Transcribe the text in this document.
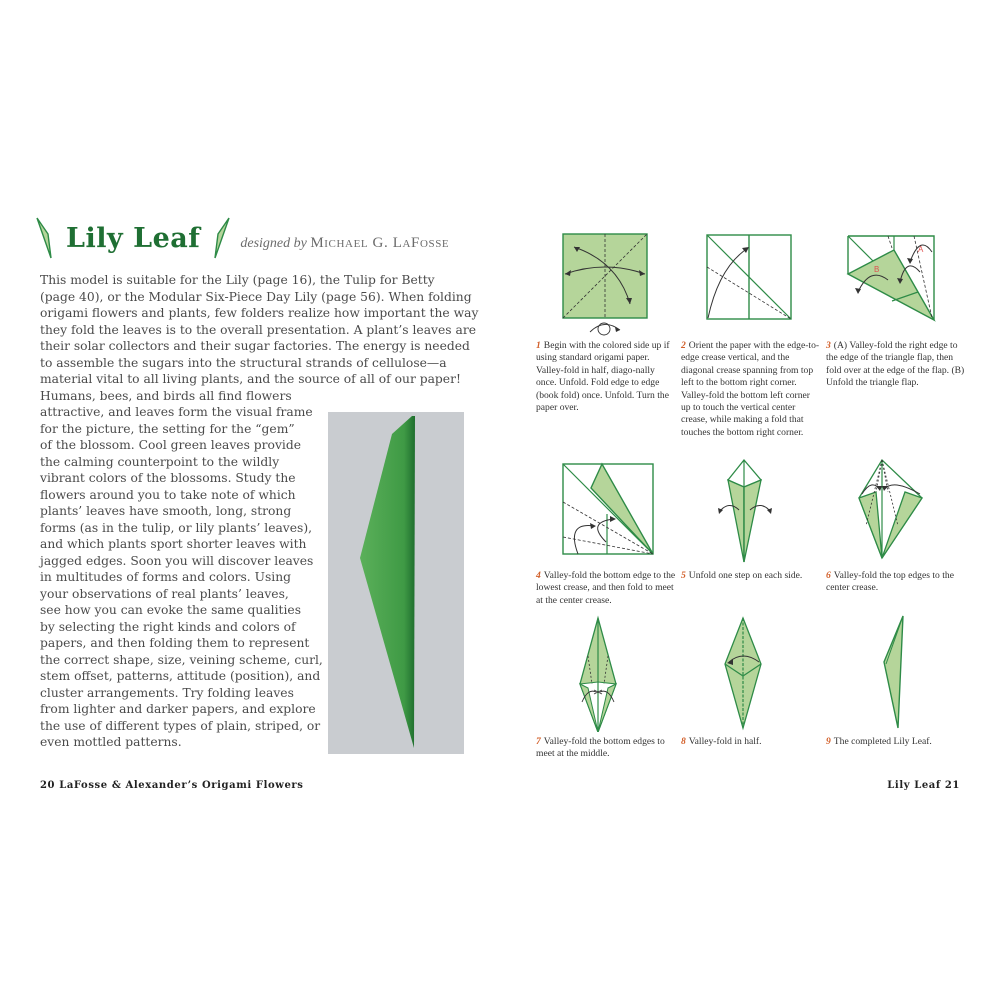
Lily Leaf	designed by Michael G. LaFosse
This model is suitable for the Lily (page 16), the Tulip for Betty
(page 40), or the Modular Six-Piece Day Lily (page 56). When folding
origami flowers and plants, few folders realize how important the way
they fold the leaves is to the overall presentation. A plant’s leaves are
their solar collectors and their sugar factories. The energy is needed
to assemble the sugars into the structural strands of cellulose—a
material vital to all living plants, and the source of all of our paper!
Humans, bees, and birds all find flowers
attractive, and leaves form the visual frame
for the picture, the setting for the “gem”
of the blossom. Cool green leaves provide
the calming counterpoint to the wildly
vibrant colors of the blossoms. Study the
flowers around you to take note of which
plants’ leaves have smooth, long, strong
forms (as in the tulip, or lily plants’ leaves),
and which plants sport shorter leaves with
jagged edges. Soon you will discover leaves
in multitudes of forms and colors. Using
your observations of real plants’ leaves,
see how you can evoke the same qualities
by selecting the right kinds and colors of
papers, and then folding them to represent
the correct shape, size, veining scheme, curl,
stem offset, patterns, attitude (position), and
cluster arrangements. Try folding leaves
from lighter and darker papers, and explore
the use of different types of plain, striped, or
even mottled patterns.
20 LaFosse & Alexander’s Origami Flowers
1 Begin with the colored side up if using standard origami paper. Valley-fold in half, diago-nally once. Unfold. Fold edge to edge (book fold) once. Unfold. Turn the paper over.
2 Orient the paper with the edge-to-edge crease vertical, and the diagonal crease spanning from top left to the bottom right corner. Valley-fold the bottom left corner up to touch the vertical center crease, while making a fold that touches the bottom right corner.
A
B
3 (A) Valley-fold the right edge to the edge of the triangle flap, then fold over at the edge of the flap. (B) Unfold the triangle flap.
4 Valley-fold the bottom edge to the lowest crease, and then fold to meet at the center crease.
5 Unfold one step on each side.	6 Valley-fold the top edges to the center crease.
7 Valley-fold the bottom edges to meet at the middle.
8 Valley-fold in half.	9 The completed Lily Leaf.
Lily Leaf 21
